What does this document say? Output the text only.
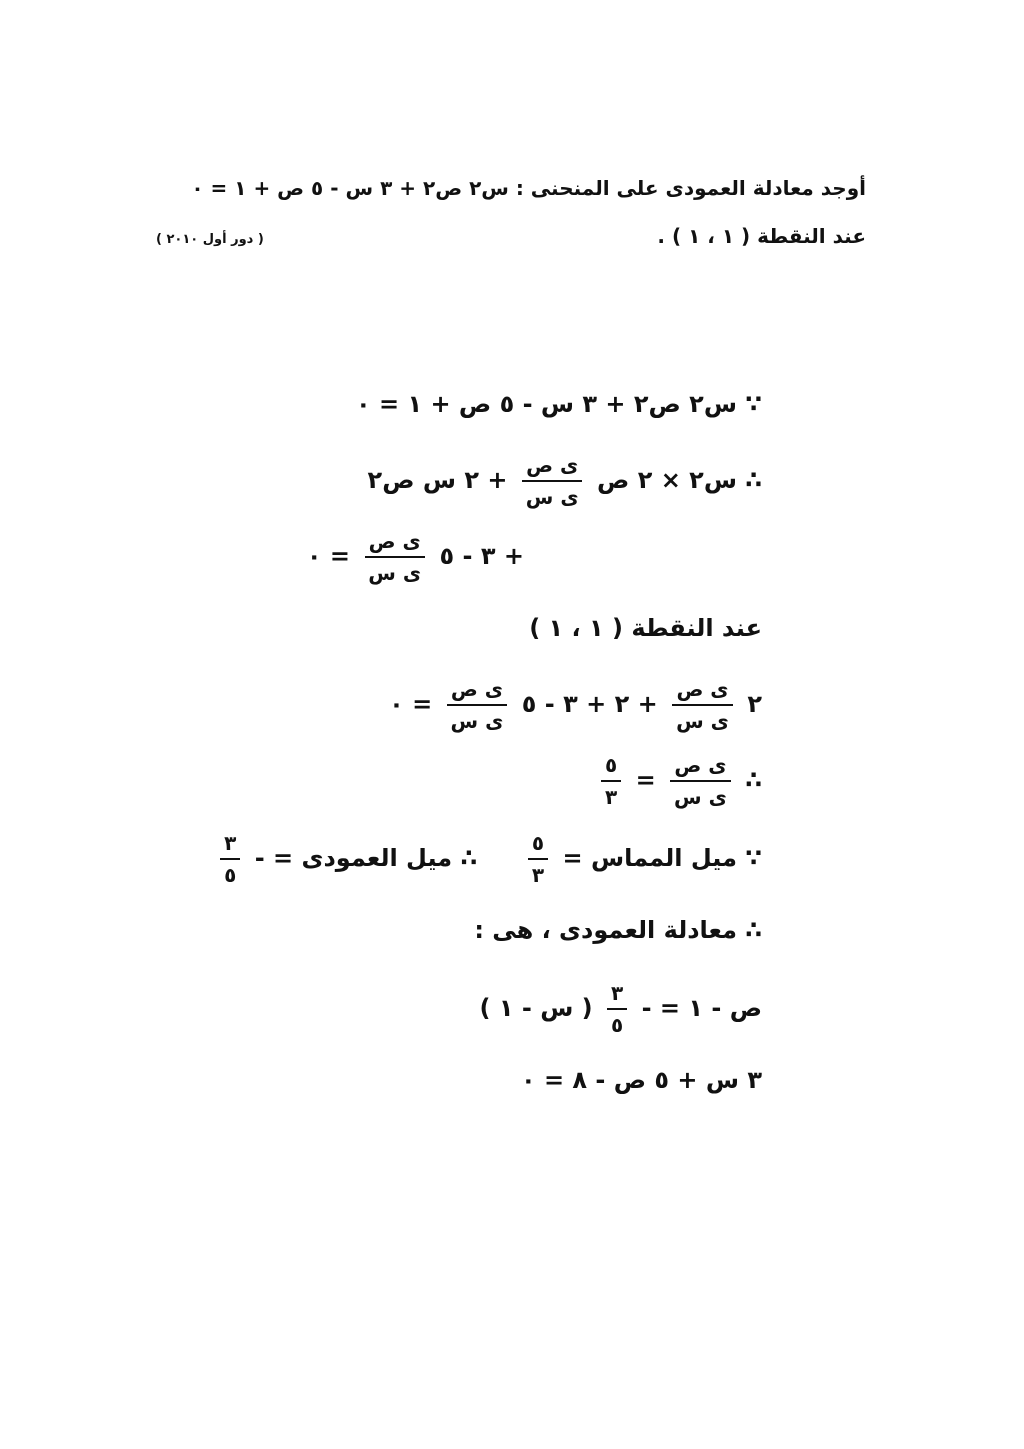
أوجد معادلة العمودى على المنحنى : س٢ ص٢ + ٣ س - ٥ ص + ١ = ٠
عند النقطة ( ١ ، ١ ) .
( دور أول ٢٠١٠ )
∵ س٢ ص٢ + ٣ س - ٥ ص + ١ = ٠
∴ س٢ × ٢ ص
$\frac{\text{ى ص}}{\text{ى س}}$
+ ٢ س ص٢
+ ٣ - ٥
$\frac{\text{ى ص}}{\text{ى س}}$
= ٠
عند النقطة ( ١ ، ١ )
٢
$\frac{\text{ى ص}}{\text{ى س}}$
+ ٢ + ٣ - ٥
$\frac{\text{ى ص}}{\text{ى س}}$
= ٠
∴
$\frac{\text{ى ص}}{\text{ى س}}$
=
$\frac{٥}{٣}$
∵ ميل المماس =
$\frac{٥}{٣}$
∴ ميل العمودى = -
$\frac{٣}{٥}$
∴ معادلة العمودى ، هى :
ص - ١ = -
$\frac{٣}{٥}$
( س - ١ )
٣ س + ٥ ص - ٨ = ٠
